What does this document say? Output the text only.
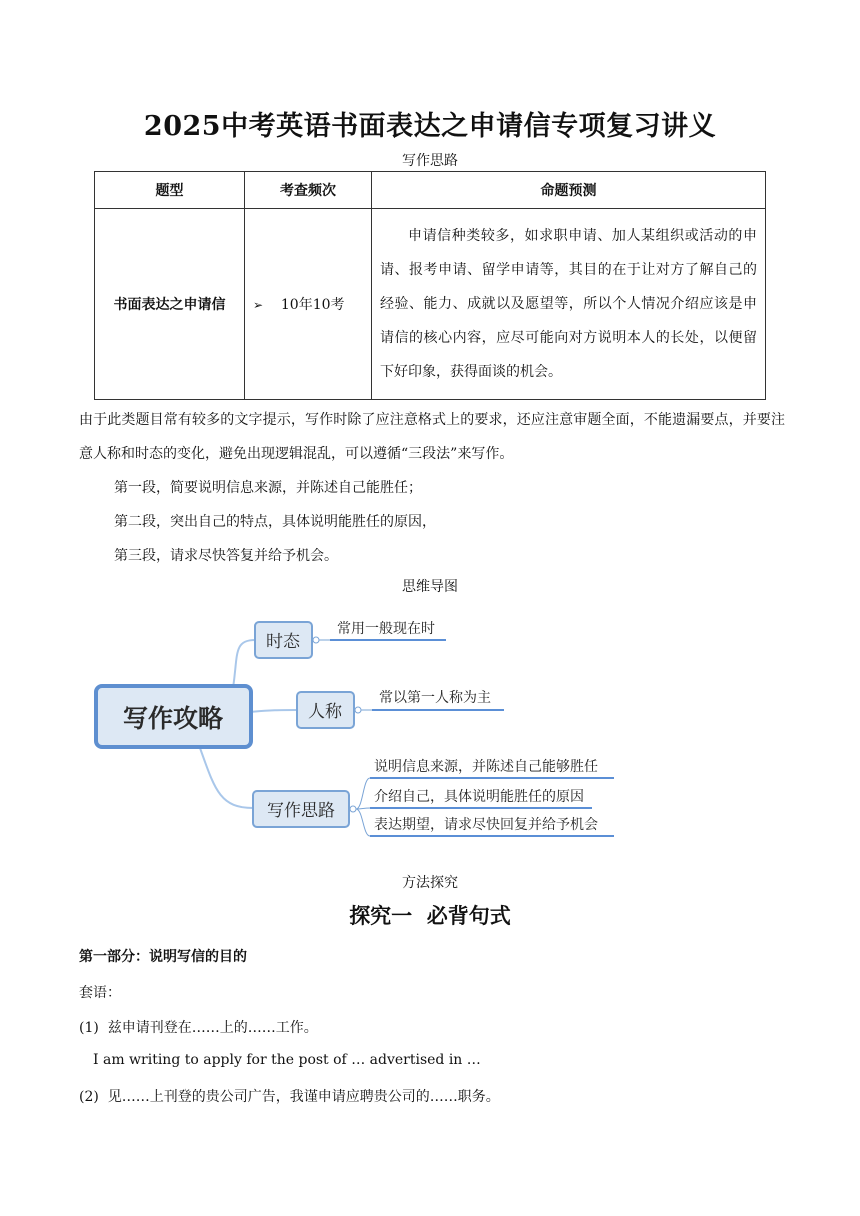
2025中考英语书面表达之申请信专项复习讲义
写作思路
题型	考查频次	命题预测
书面表达之申请信	➢ 10年10考	申请信种类较多，如求职申请、加人某组织或活动的申请、报考申请、留学申请等，其目的在于让对方了解自己的经验、能力、成就以及愿望等，所以个人情况介绍应该是申请信的核心内容，应尽可能向对方说明本人的长处，以便留下好印象，获得面谈的机会。
由于此类题目常有较多的文字提示，写作时除了应注意格式上的要求，还应注意审题全面，不能遗漏要点，并要注意人称和时态的变化，避免出现逻辑混乱，可以遵循“三段法”来写作。
第一段，简要说明信息来源，并陈述自己能胜任；
第二段，突出自己的特点，具体说明能胜任的原因，
第三段，请求尽快答复并给予机会。
思维导图
写作攻略
时态
常用一般现在时
人称
常以第一人称为主
写作思路
说明信息来源，并陈述自己能够胜任
介绍自己，具体说明能胜任的原因
表达期望，请求尽快回复并给予机会
方法探究
探究一  必背句式
第一部分：说明写信的目的
套语：
(1) 兹申请刊登在……上的……工作。
I am writing to apply for the post of … advertised in …
(2) 见……上刊登的贵公司广告，我谨申请应聘贵公司的……职务。
